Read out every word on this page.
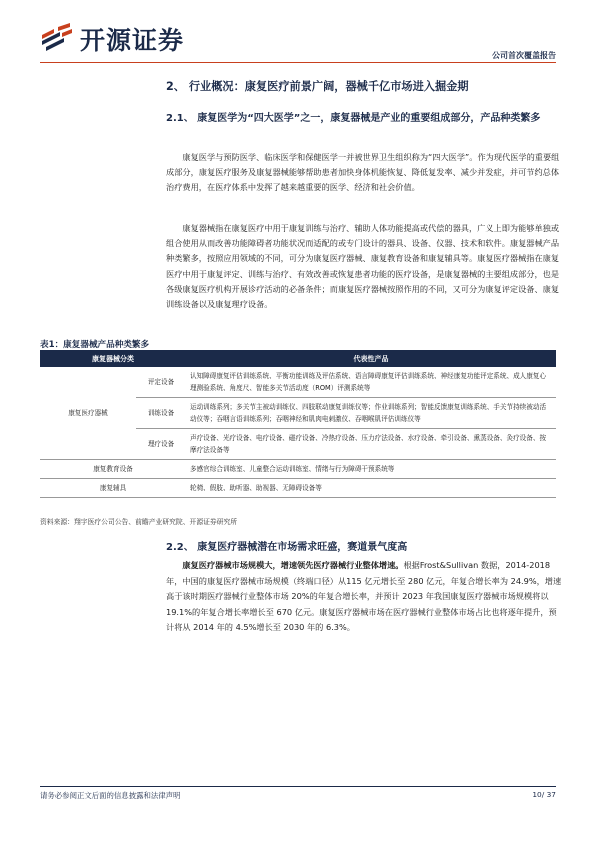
开源证券
公司首次覆盖报告
2、 行业概况：康复医疗前景广阔，器械千亿市场进入掘金期
2.1、 康复医学为“四大医学”之一，康复器械是产业的重要组成部分，产品种类繁多

康复医学与预防医学、临床医学和保健医学一并被世界卫生组织称为“四大医学”。作为现代医学的重要组成部分，康复医疗服务及康复器械能够帮助患者加快身体机能恢复、降低复发率、减少并发症，并可节约总体治疗费用，在医疗体系中发挥了越来越重要的医学、经济和社会价值。

康复器械指在康复医疗中用于康复训练与治疗、辅助人体功能提高或代偿的器具，广义上即为能够单独或组合使用从而改善功能障碍者功能状况而适配的或专门设计的器具、设备、仪器、技术和软件。康复器械产品种类繁多，按照应用领域的不同，可分为康复医疗器械、康复教育设备和康复辅具等。康复医疗器械指在康复医疗中用于康复评定、训练与治疗、有效改善或恢复患者功能的医疗设备，是康复器械的主要组成部分，也是各级康复医疗机构开展诊疗活动的必备条件；而康复医疗器械按照作用的不同，又可分为康复评定设备、康复训练设备以及康复理疗设备。

表1：康复器械产品种类繁多
康复器械分类		代表性产品
康复医疗器械	评定设备	认知障碍康复评估训练系统、平衡功能训练及评估系统、语言障碍康复评估训练系统、神经康复功能评定系统、成人康复心理测验系统、角度尺、智能多关节活动度（ROM）评测系统等
	训练设备	运动训练系列；多关节主被动训练仪、四肢联动康复训练仪等；作业训练系列；智能反馈康复训练系统、手关节持续被动活动仪等；吞咽言语训练系列；吞咽神经和肌肉电刺激仪、吞咽喉肌评估训练仪等
	理疗设备	声疗设备、光疗设备、电疗设备、磁疗设备、冷热疗设备、压力疗法设备、水疗设备、牵引设备、熏蒸设备、灸疗设备、按摩疗法设备等
康复教育设备		多感官综合训练室、儿童整合运动训练室、情绪与行为障碍干预系统等
康复辅具		轮椅、假肢、助听器、助视器、无障碍设备等
资料来源：翔宇医疗公司公告、前瞻产业研究院、开源证券研究所
2.2、 康复医疗器械潜在市场需求旺盛，赛道景气度高

康复医疗器械市场规模大，增速领先医疗器械行业整体增速。根据Frost&Sullivan 数据，2014-2018 年，中国的康复医疗器械市场规模（终端口径）从115 亿元增长至 280 亿元，年复合增长率为 24.9%，增速高于该时期医疗器械行业整体市场 20%的年复合增长率，并预计 2023 年我国康复医疗器械市场规模将以 19.1%的年复合增长率增长至 670 亿元。康复医疗器械市场在医疗器械行业整体市场占比也将逐年提升，预计将从 2014 年的 4.5%增长至 2030 年的 6.3%。

请务必参阅正文后面的信息披露和法律声明	10/ 37
